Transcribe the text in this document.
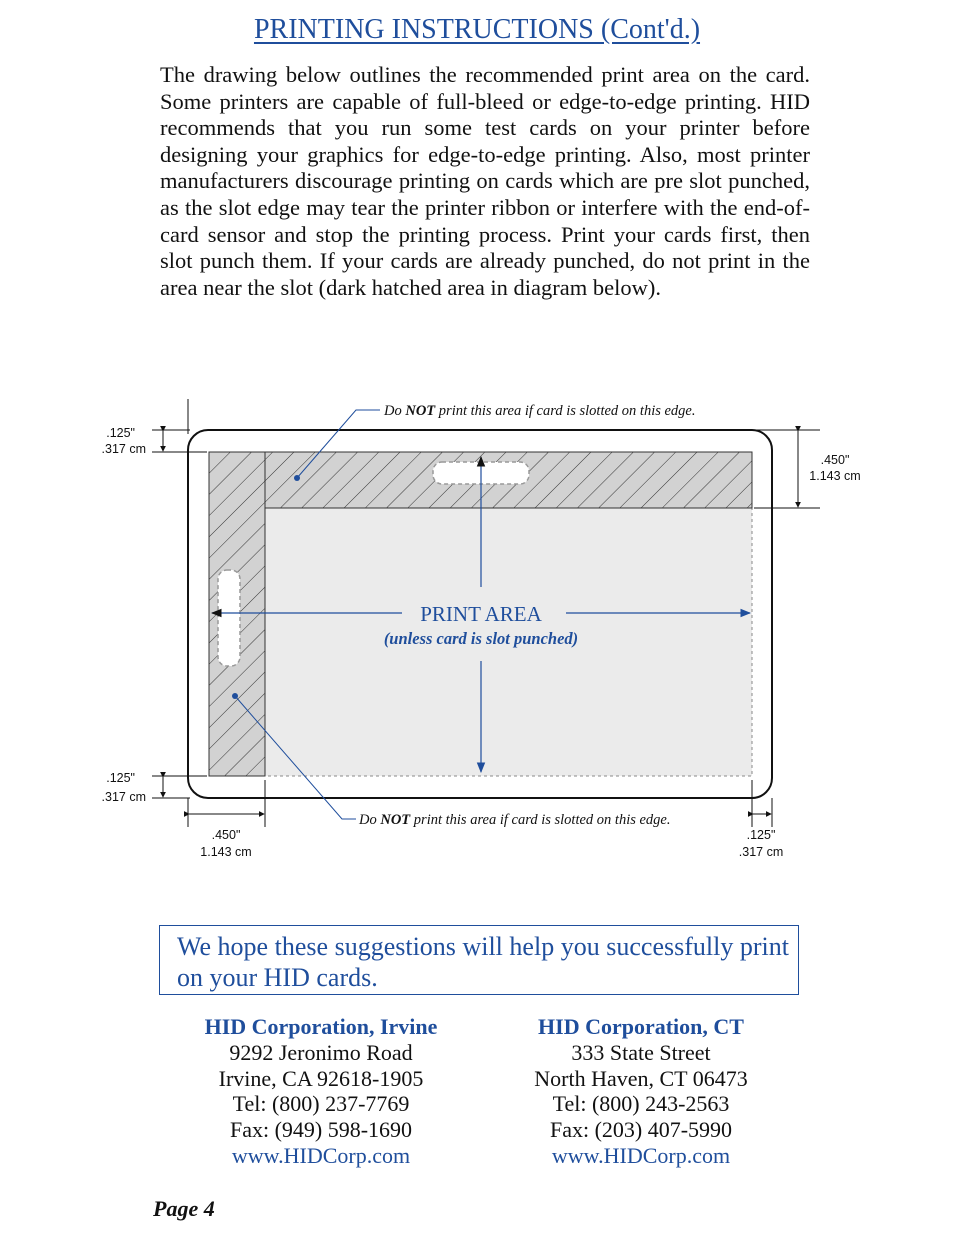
PRINTING INSTRUCTIONS (Cont'd.)
The drawing below outlines the recommended print area on the card. Some printers are capable of full-bleed or edge-to-edge printing. HID recommends that you run some test cards on your printer before designing your graphics for edge-to-edge printing. Also, most printer manufacturers discourage printing on cards which are pre slot punched, as the slot edge may tear the printer ribbon or interfere with the end-of-card sensor and stop the printing process. Print your cards first, then slot punch them. If your cards are already punched, do not print in the area near the slot (dark hatched area in diagram below).
PRINT AREA
(unless card is slot punched)
Do NOT print this area if card is slotted on this edge.
Do NOT print this area if card is slotted on this edge.
.125"
.317 cm
.125"
.317 cm
.450"
1.143 cm
.450"
1.143 cm
.125"
.317 cm
We hope these suggestions will help you successfully print on your HID cards.
HID Corporation, Irvine
9292 Jeronimo Road
Irvine, CA 92618-1905
Tel: (800) 237-7769
Fax: (949) 598-1690
www.HIDCorp.com
HID Corporation, CT
333 State Street
North Haven, CT 06473
Tel: (800) 243-2563
Fax: (203) 407-5990
www.HIDCorp.com
Page 4
